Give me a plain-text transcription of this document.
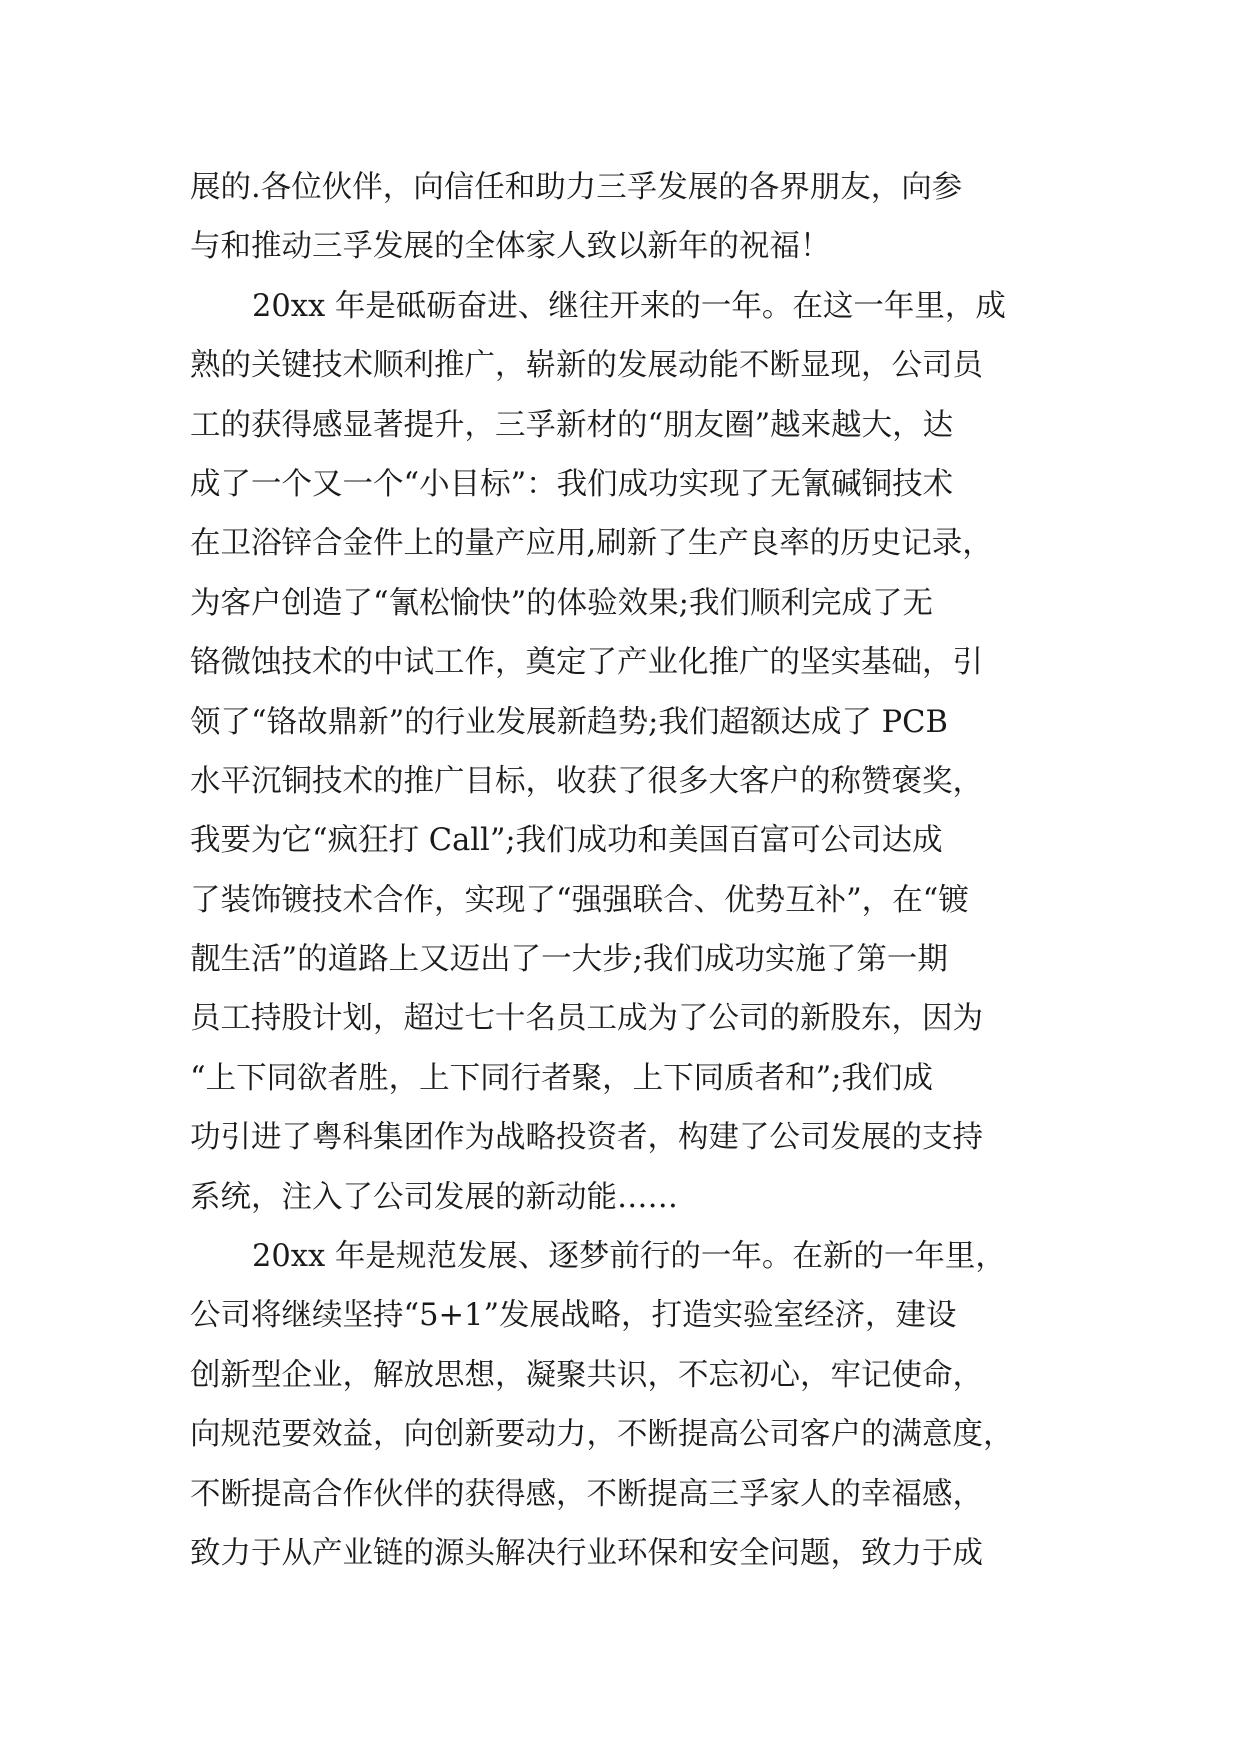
展的.各位伙伴，向信任和助力三孚发展的各界朋友，向参
与和推动三孚发展的全体家人致以新年的祝福！
20xx 年是砥砺奋进、继往开来的一年。在这一年里，成
熟的关键技术顺利推广，崭新的发展动能不断显现，公司员
工的获得感显著提升，三孚新材的“朋友圈”越来越大，达
成了一个又一个“小目标”：我们成功实现了无氰碱铜技术
在卫浴锌合金件上的量产应用,刷新了生产良率的历史记录，
为客户创造了“氰松愉快”的体验效果;我们顺利完成了无
铬微蚀技术的中试工作，奠定了产业化推广的坚实基础，引
领了“铬故鼎新”的行业发展新趋势;我们超额达成了 PCB
水平沉铜技术的推广目标，收获了很多大客户的称赞褒奖，
我要为它“疯狂打 Call”;我们成功和美国百富可公司达成
了装饰镀技术合作，实现了“强强联合、优势互补”，在“镀
靓生活”的道路上又迈出了一大步;我们成功实施了第一期
员工持股计划，超过七十名员工成为了公司的新股东，因为
“上下同欲者胜，上下同行者聚，上下同质者和”;我们成
功引进了粤科集团作为战略投资者，构建了公司发展的支持
系统，注入了公司发展的新动能……
20xx 年是规范发展、逐梦前行的一年。在新的一年里，
公司将继续坚持“5+1”发展战略，打造实验室经济，建设
创新型企业，解放思想，凝聚共识，不忘初心，牢记使命，
向规范要效益，向创新要动力，不断提高公司客户的满意度，
不断提高合作伙伴的获得感，不断提高三孚家人的幸福感，
致力于从产业链的源头解决行业环保和安全问题，致力于成
